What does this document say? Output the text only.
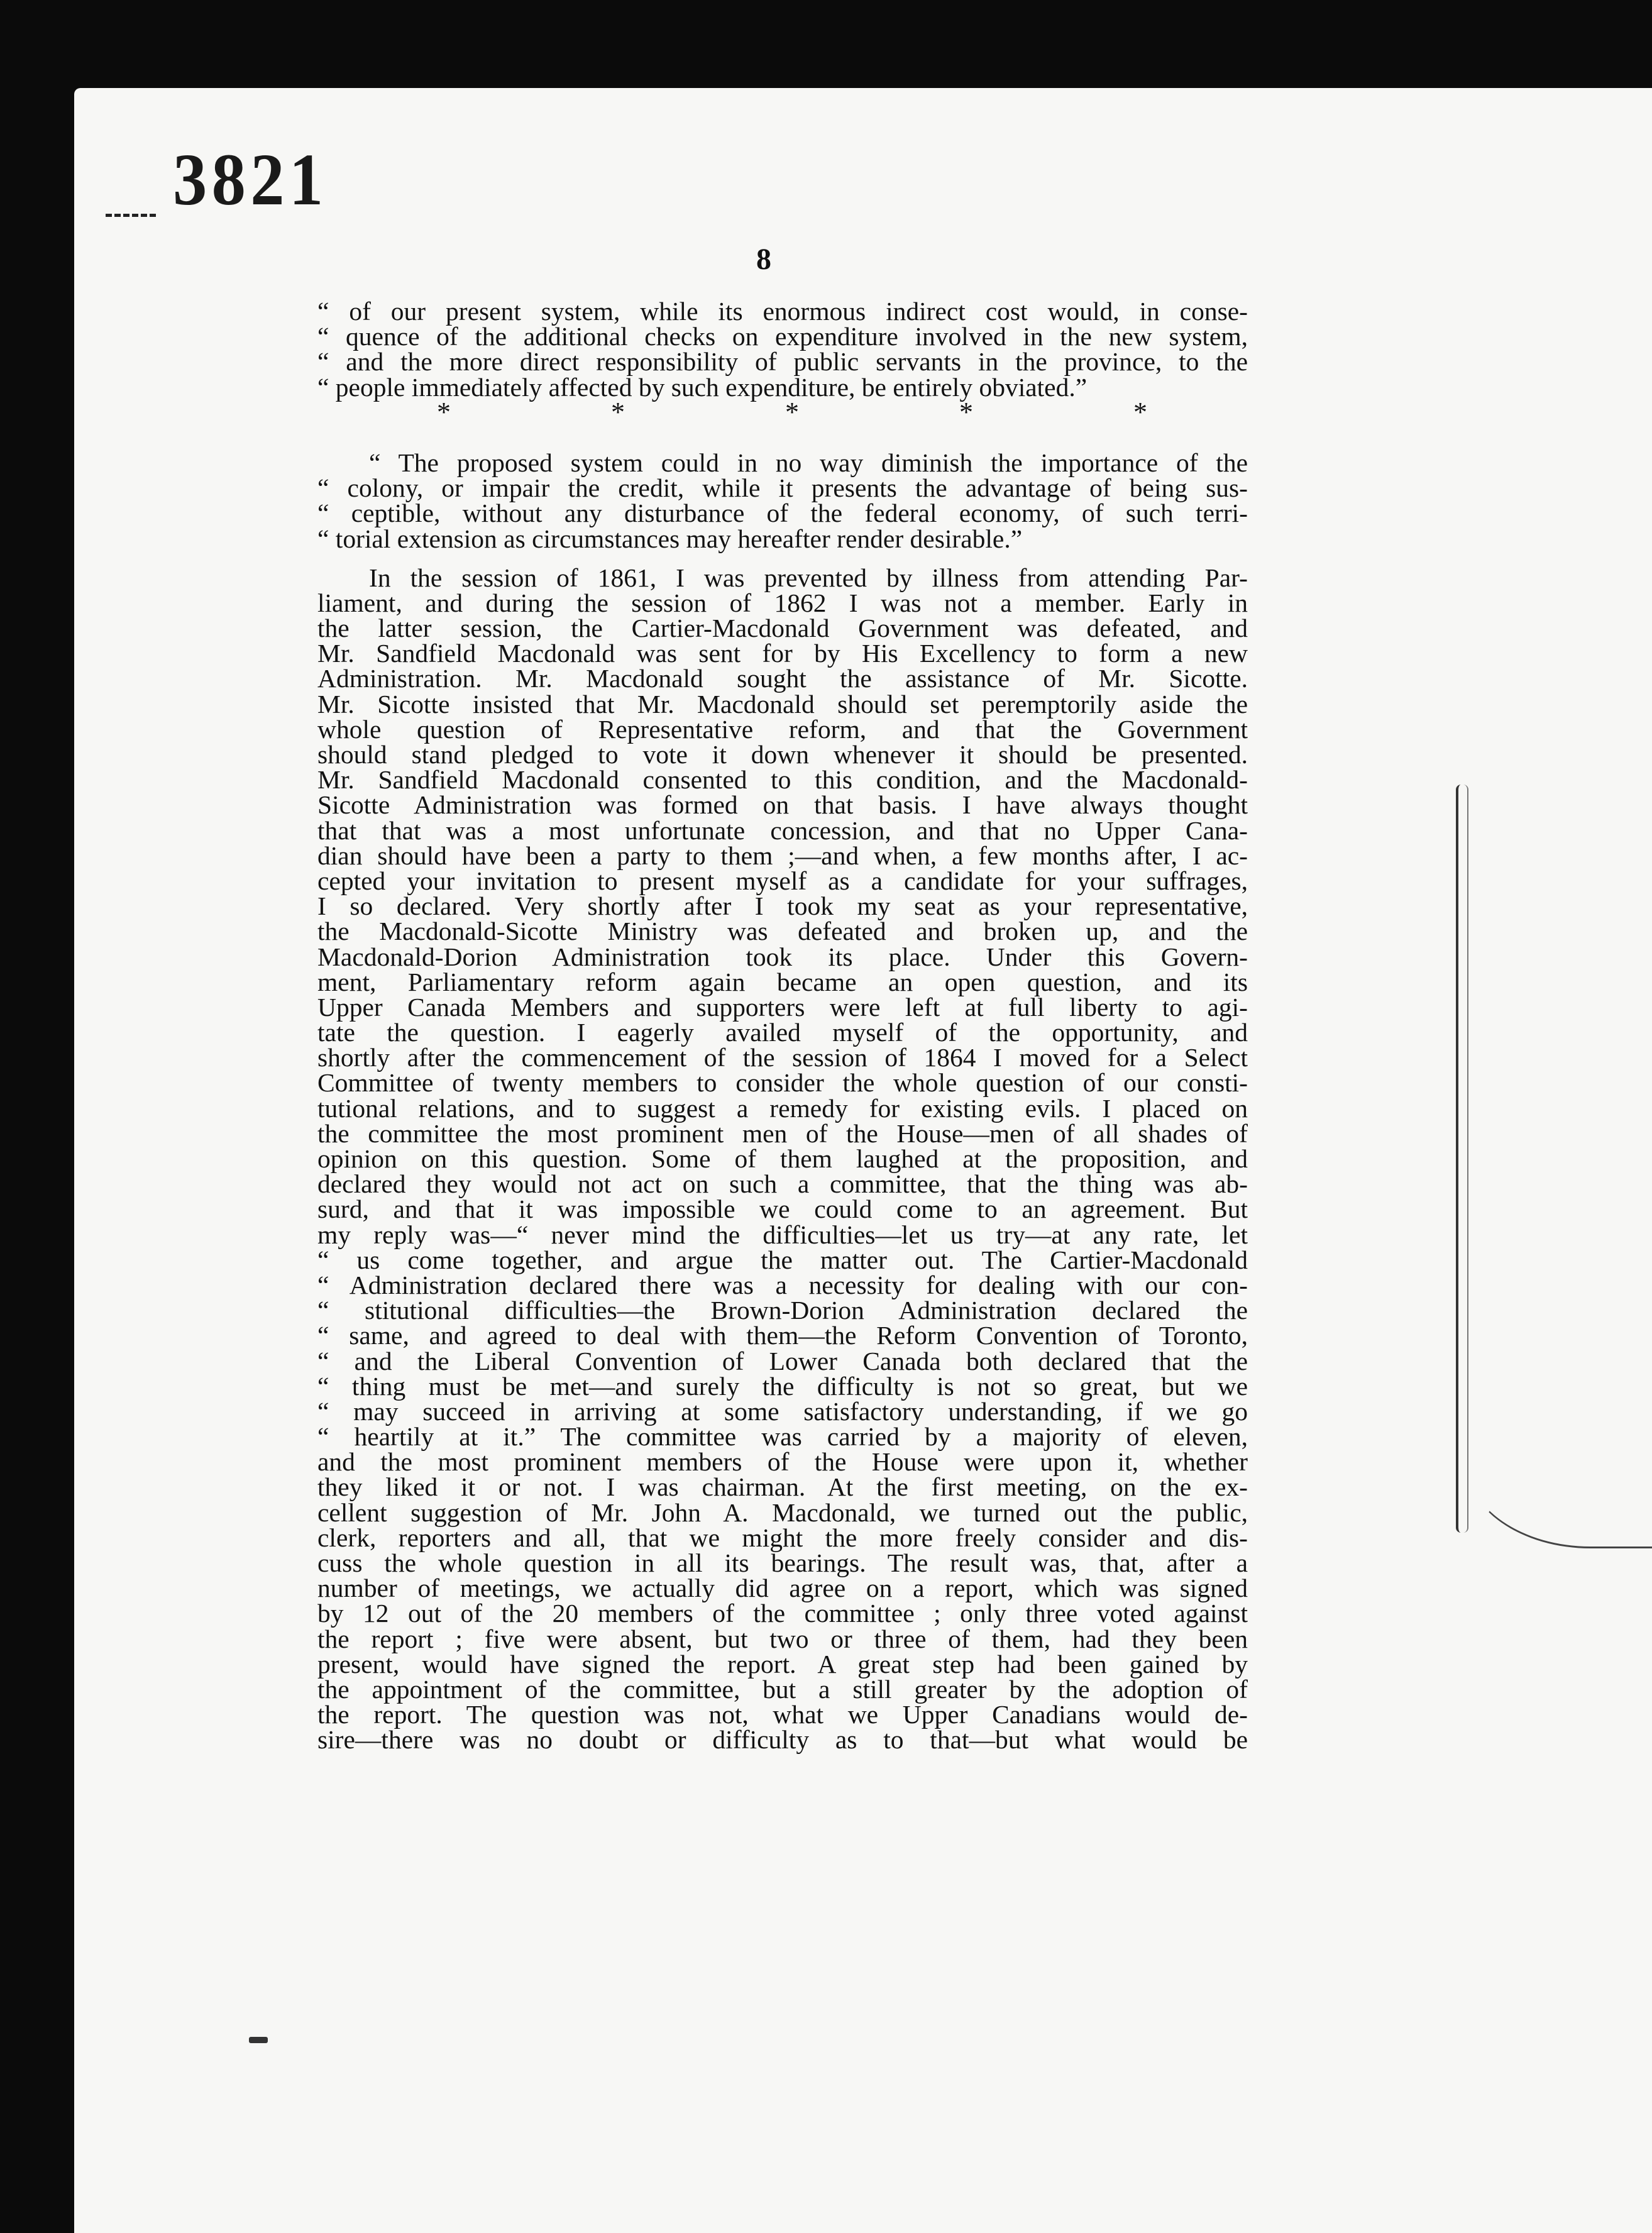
3821
8
“ of our present system, while its enormous indirect cost would, in conse-
“ quence of the additional checks on expenditure involved in the new system,
“ and the more direct responsibility of public servants in the province, to the
“ people immediately affected by such expenditure, be entirely obviated.”
*	*	*	*	*
“ The proposed system could in no way diminish the importance of the
“ colony, or impair the credit, while it presents the advantage of being sus-
“ ceptible, without any disturbance of the federal economy, of such terri-
“ torial extension as circumstances may hereafter render desirable.”
In the session of 1861, I was prevented by illness from attending Par-
liament, and during the session of 1862 I was not a member. Early in
the latter session, the Cartier-Macdonald Government was defeated, and
Mr. Sandfield Macdonald was sent for by His Excellency to form a new
Administration. Mr. Macdonald sought the assistance of Mr. Sicotte.
Mr. Sicotte insisted that Mr. Macdonald should set peremptorily aside the
whole question of Representative reform, and that the Government
should stand pledged to vote it down whenever it should be presented.
Mr. Sandfield Macdonald consented to this condition, and the Macdonald-
Sicotte Administration was formed on that basis. I have always thought
that that was a most unfortunate concession, and that no Upper Cana-
dian should have been a party to them ;—and when, a few months after, I ac-
cepted your invitation to present myself as a candidate for your suffrages,
I so declared. Very shortly after I took my seat as your representative,
the Macdonald-Sicotte Ministry was defeated and broken up, and the
Macdonald-Dorion Administration took its place. Under this Govern-
ment, Parliamentary reform again became an open question, and its
Upper Canada Members and supporters were left at full liberty to agi-
tate the question. I eagerly availed myself of the opportunity, and
shortly after the commencement of the session of 1864 I moved for a Select
Committee of twenty members to consider the whole question of our consti-
tutional relations, and to suggest a remedy for existing evils. I placed on
the committee the most prominent men of the House—men of all shades of
opinion on this question. Some of them laughed at the proposition, and
declared they would not act on such a committee, that the thing was ab-
surd, and that it was impossible we could come to an agreement. But
my reply was—“ never mind the difficulties—let us try—at any rate, let
“ us come together, and argue the matter out. The Cartier-Macdonald
“ Administration declared there was a necessity for dealing with our con-
“ stitutional difficulties—the Brown-Dorion Administration declared the
“ same, and agreed to deal with them—the Reform Convention of Toronto,
“ and the Liberal Convention of Lower Canada both declared that the
“ thing must be met—and surely the difficulty is not so great, but we
“ may succeed in arriving at some satisfactory understanding, if we go
“ heartily at it.” The committee was carried by a majority of eleven,
and the most prominent members of the House were upon it, whether
they liked it or not. I was chairman. At the first meeting, on the ex-
cellent suggestion of Mr. John A. Macdonald, we turned out the public,
clerk, reporters and all, that we might the more freely consider and dis-
cuss the whole question in all its bearings. The result was, that, after a
number of meetings, we actually did agree on a report, which was signed
by 12 out of the 20 members of the committee ; only three voted against
the report ; five were absent, but two or three of them, had they been
present, would have signed the report. A great step had been gained by
the appointment of the committee, but a still greater by the adoption of
the report. The question was not, what we Upper Canadians would de-
sire—there was no doubt or difficulty as to that—but what would be
